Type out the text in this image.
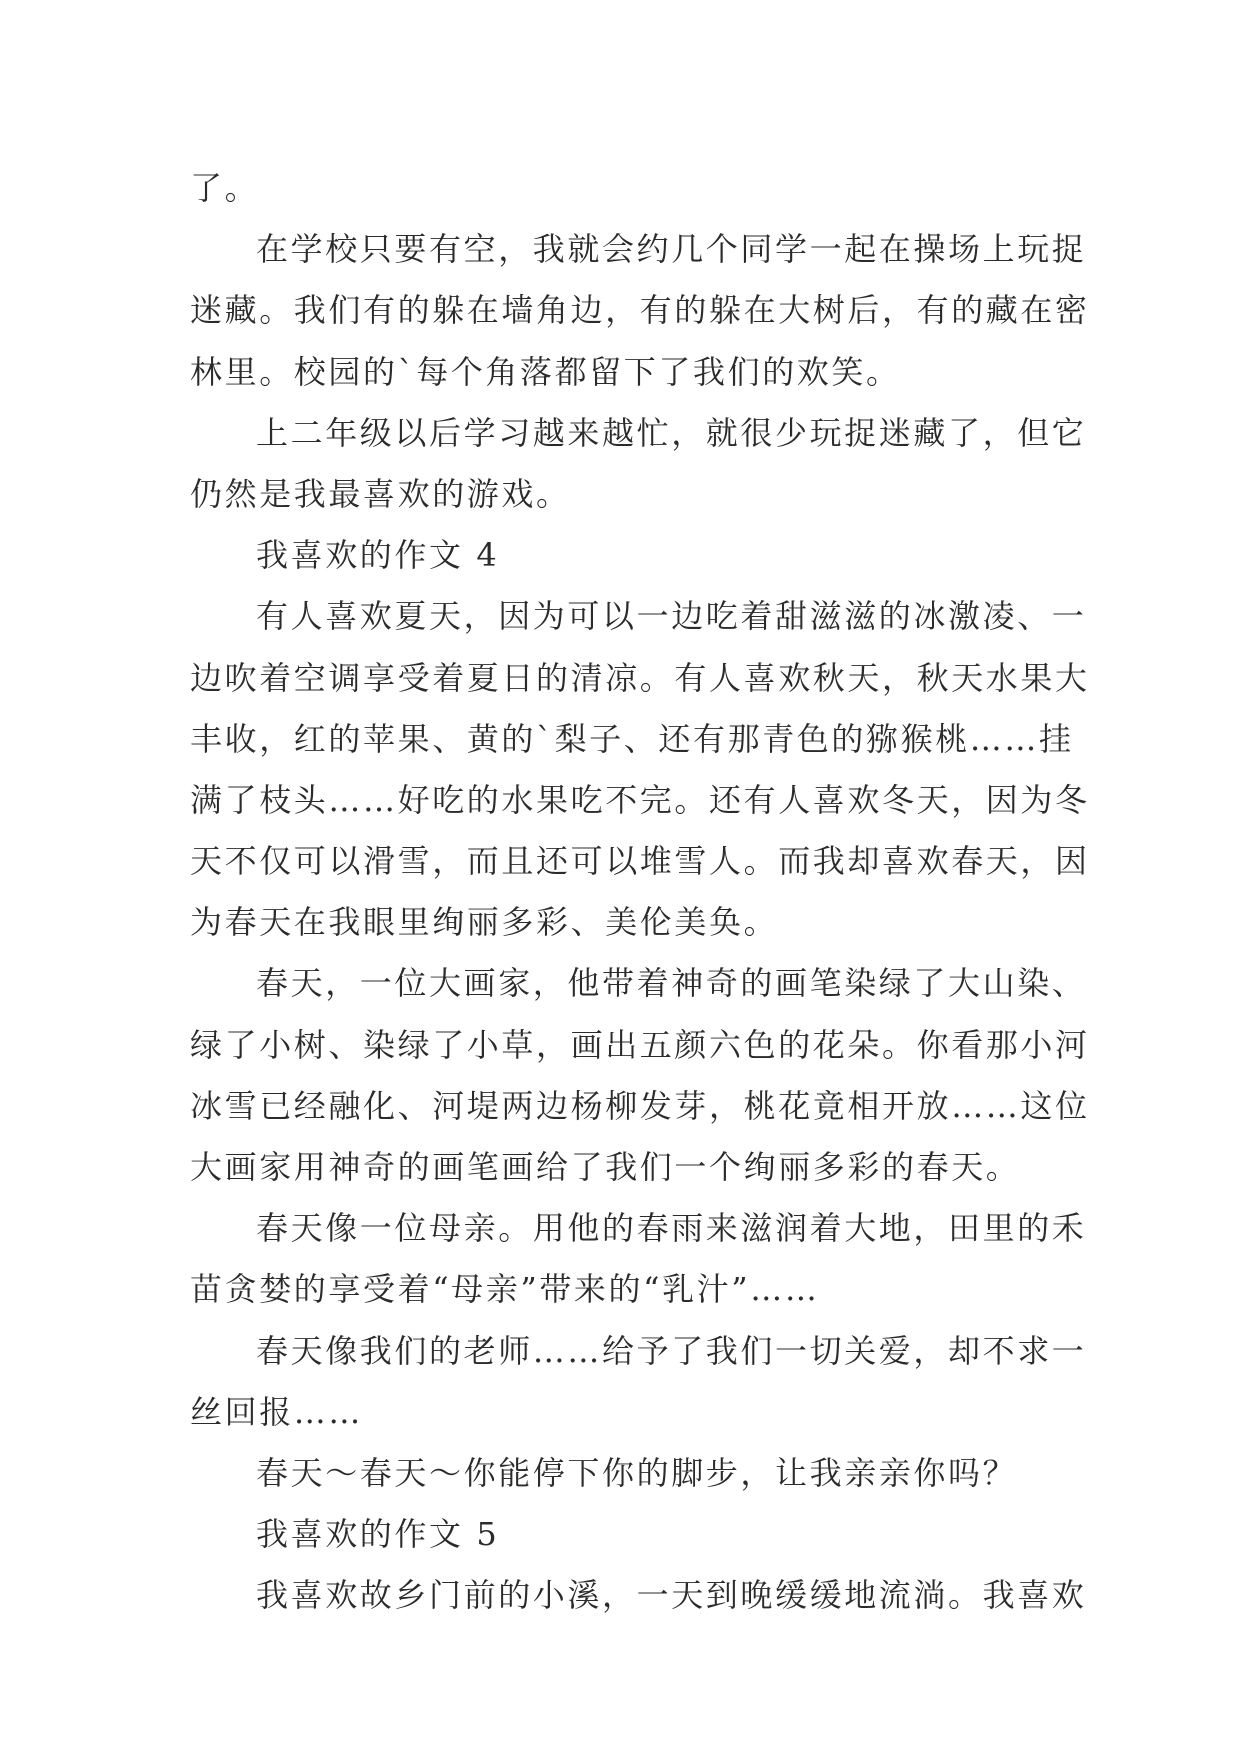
了。
在学校只要有空，我就会约几个同学一起在操场上玩捉
迷藏。我们有的躲在墙角边，有的躲在大树后，有的藏在密
林里。校园的`每个角落都留下了我们的欢笑。
上二年级以后学习越来越忙，就很少玩捉迷藏了，但它
仍然是我最喜欢的游戏。
我喜欢的作文 4
有人喜欢夏天，因为可以一边吃着甜滋滋的冰激凌、一
边吹着空调享受着夏日的清凉。有人喜欢秋天，秋天水果大
丰收，红的苹果、黄的`梨子、还有那青色的猕猴桃……挂
满了枝头……好吃的水果吃不完。还有人喜欢冬天，因为冬
天不仅可以滑雪，而且还可以堆雪人。而我却喜欢春天，因
为春天在我眼里绚丽多彩、美伦美奂。
春天，一位大画家，他带着神奇的画笔染绿了大山染、
绿了小树、染绿了小草，画出五颜六色的花朵。你看那小河
冰雪已经融化、河堤两边杨柳发芽，桃花竟相开放……这位
大画家用神奇的画笔画给了我们一个绚丽多彩的春天。
春天像一位母亲。用他的春雨来滋润着大地，田里的禾
苗贪婪的享受着“母亲”带来的“乳汁”……
春天像我们的老师……给予了我们一切关爱，却不求一
丝回报……
春天～春天～你能停下你的脚步，让我亲亲你吗？
我喜欢的作文 5
我喜欢故乡门前的小溪，一天到晚缓缓地流淌。我喜欢
